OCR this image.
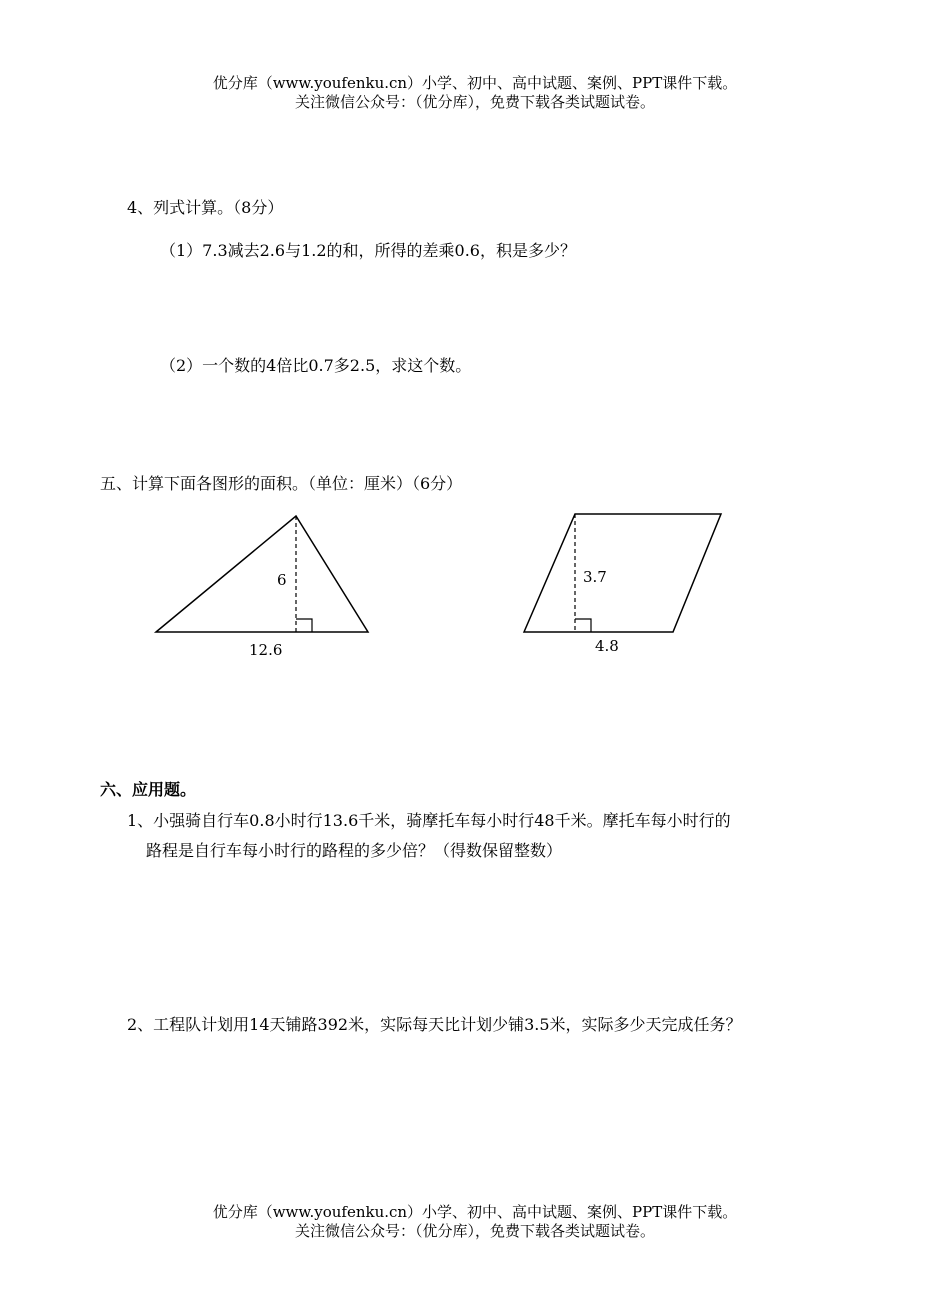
优分库（www.youfenku.cn）小学、初中、高中试题、案例、PPT课件下载。
关注微信公众号：（优分库），免费下载各类试题试卷。
4、列式计算。（8分）
（1）7.3减去2.6与1.2的和，所得的差乘0.6，积是多少？
（2）一个数的4倍比0.7多2.5，求这个数。
五、计算下面各图形的面积。（单位：厘米）（6分）
6
12.6
3.7
4.8
六、应用题。
1、小强骑自行车0.8小时行13.6千米，骑摩托车每小时行48千米。摩托车每小时行的
路程是自行车每小时行的路程的多少倍？（得数保留整数）
2、工程队计划用14天铺路392米，实际每天比计划少铺3.5米，实际多少天完成任务？
优分库（www.youfenku.cn）小学、初中、高中试题、案例、PPT课件下载。
关注微信公众号：（优分库），免费下载各类试题试卷。
